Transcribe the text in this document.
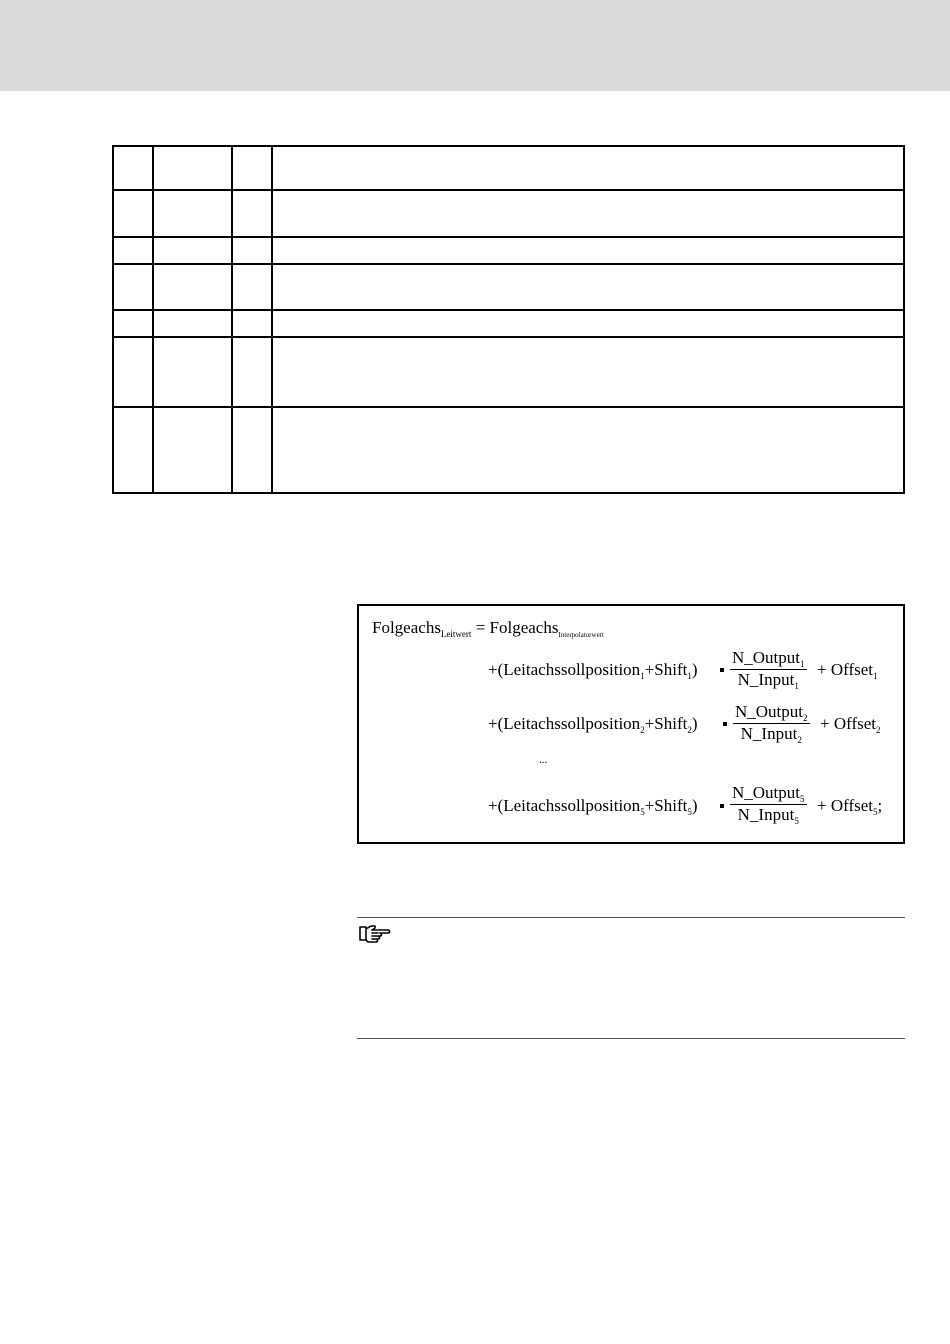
Folgeachs$_{Leitwert}$ = Folgeachs$_{Interpolatorwert}$
+(Leitachssollposition$_1$+Shift$_1$)
N_Output$_1$
N_Input$_1$
+ Offset$_1$
+(Leitachssollposition$_2$+Shift$_2$)
N_Output$_2$
N_Input$_2$
+ Offset$_2$
...
+(Leitachssollposition$_5$+Shift$_5$)
N_Output$_5$
N_Input$_5$
+ Offset$_5$;
